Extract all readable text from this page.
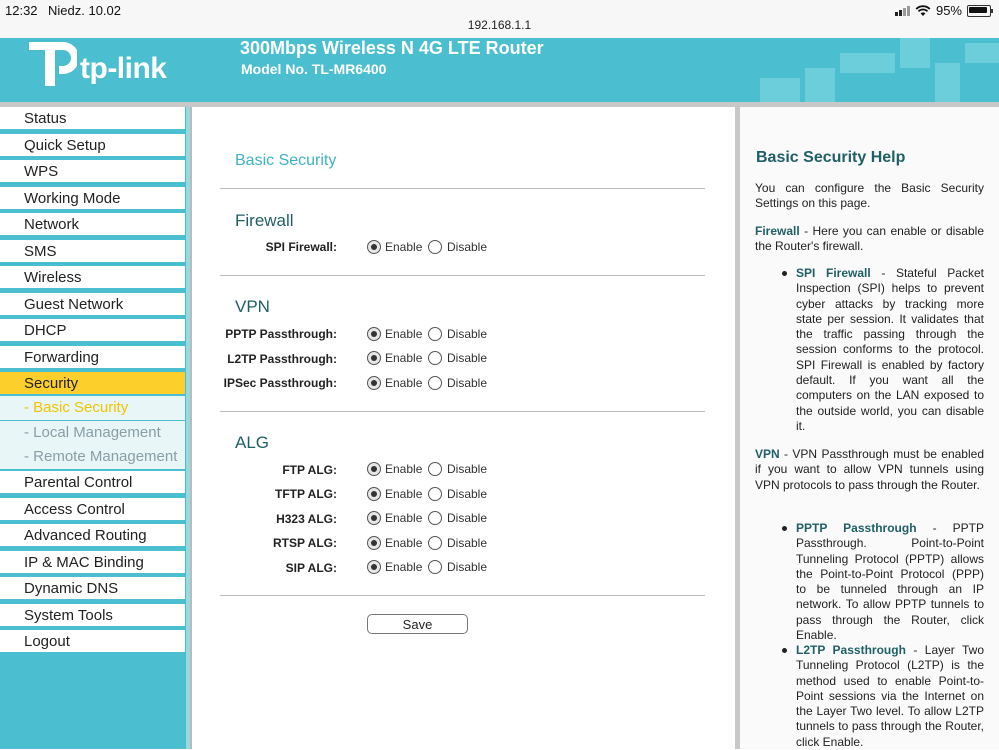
12:32 Niedz. 10.02	95%
192.168.1.1
tp-link
300Mbps Wireless N 4G LTE Router
Model No. TL-MR6400
Status
Quick Setup
WPS
Working Mode
Network
SMS
Wireless
Guest Network
DHCP
Forwarding
Security
- Basic Security
- Local Management
- Remote Management
Parental Control
Access Control
Advanced Routing
IP & MAC Binding
Dynamic DNS
System Tools
Logout
Basic Security
Firewall
SPI Firewall:	Enable Disable
VPN
PPTP Passthrough:	Enable Disable
L2TP Passthrough:	Enable Disable
IPSec Passthrough:	Enable Disable
ALG
FTP ALG:	Enable Disable
TFTP ALG:	Enable Disable
H323 ALG:	Enable Disable
RTSP ALG:	Enable Disable
SIP ALG:	Enable Disable
Save
Basic Security Help

You can configure the Basic Security Settings on this page.

Firewall - Here you can enable or disable the Router's firewall.

SPI Firewall - Stateful Packet Inspection (SPI) helps to prevent cyber attacks by tracking more state per session. It validates that the traffic passing through the session conforms to the protocol. SPI Firewall is enabled by factory default. If you want all the computers on the LAN exposed to the outside world, you can disable it.

VPN - VPN Passthrough must be enabled if you want to allow VPN tunnels using VPN protocols to pass through the Router.

PPTP Passthrough - PPTP Passthrough. Point-to-Point Tunneling Protocol (PPTP) allows the Point-to-Point Protocol (PPP) to be tunneled through an IP network. To allow PPTP tunnels to pass through the Router, click Enable.

L2TP Passthrough - Layer Two Tunneling Protocol (L2TP) is the method used to enable Point-to-Point sessions via the Internet on the Layer Two level. To allow L2TP tunnels to pass through the Router, click Enable.
